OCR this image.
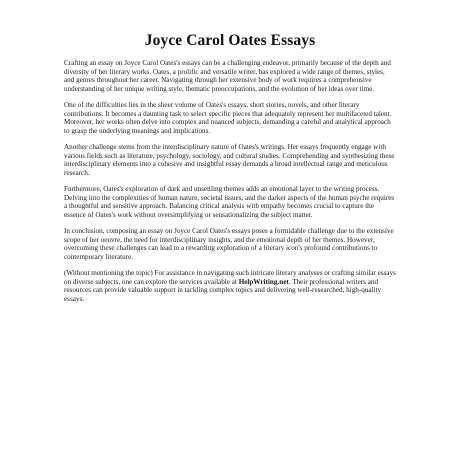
Joyce Carol Oates Essays

Crafting an essay on Joyce Carol Oates's essays can be a challenging endeavor, primarily because of the depth and diversity of her literary works. Oates, a prolific and versatile writer, has explored a wide range of themes, styles, and genres throughout her career. Navigating through her extensive body of work requires a comprehensive understanding of her unique writing style, thematic preoccupations, and the evolution of her ideas over time.

One of the difficulties lies in the sheer volume of Oates's essays, short stories, novels, and other literary contributions. It becomes a daunting task to select specific pieces that adequately represent her multifaceted talent. Moreover, her works often delve into complex and nuanced subjects, demanding a careful and analytical approach to grasp the underlying meanings and implications.

Another challenge stems from the interdisciplinary nature of Oates's writings. Her essays frequently engage with various fields such as literature, psychology, sociology, and cultural studies. Comprehending and synthesizing these interdisciplinary elements into a cohesive and insightful essay demands a broad intellectual range and meticulous research.

Furthermore, Oates's exploration of dark and unsettling themes adds an emotional layer to the writing process. Delving into the complexities of human nature, societal issues, and the darker aspects of the human psyche requires a thoughtful and sensitive approach. Balancing critical analysis with empathy becomes crucial to capture the essence of Oates's work without oversimplifying or sensationalizing the subject matter.

In conclusion, composing an essay on Joyce Carol Oates's essays poses a formidable challenge due to the extensive scope of her oeuvre, the need for interdisciplinary insights, and the emotional depth of her themes. However, overcoming these challenges can lead to a rewarding exploration of a literary icon's profound contributions to contemporary literature.

(Without mentioning the topic) For assistance in navigating such intricate literary analyses or crafting similar essays on diverse subjects, one can explore the services available at HelpWriting.net. Their professional writers and resources can provide valuable support in tackling complex topics and delivering well-researched, high-quality essays.
